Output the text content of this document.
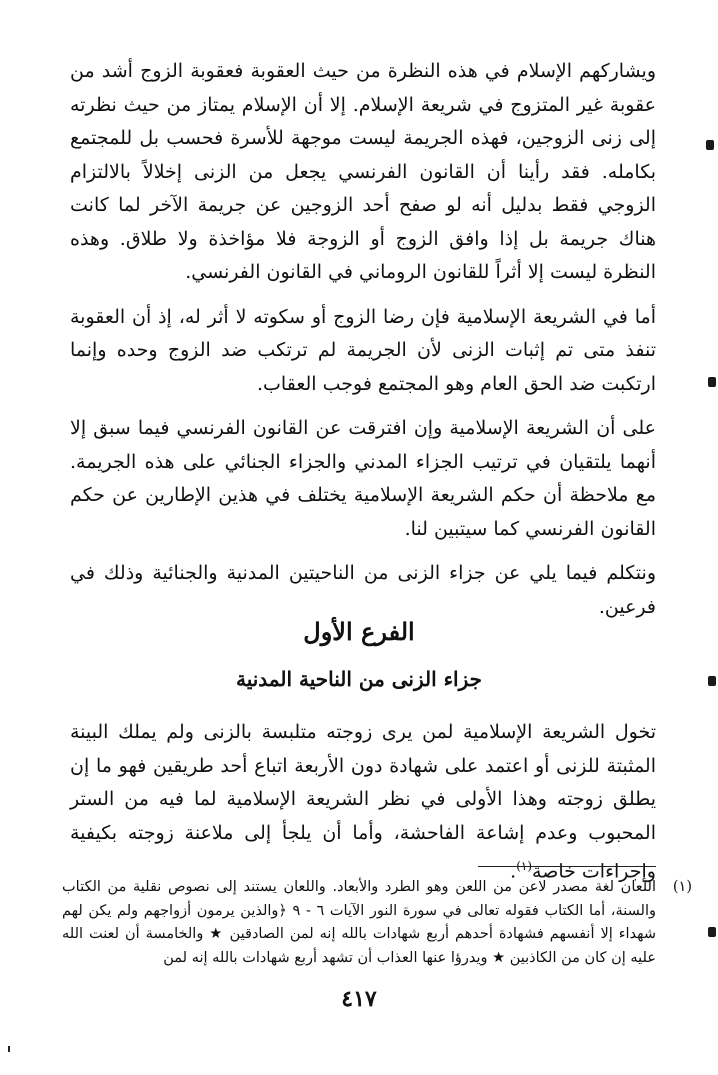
ويشاركهم الإسلام في هذه النظرة من حيث العقوبة فعقوبة الزوج أشد من عقوبة غير المتزوج في شريعة الإسلام. إلا أن الإسلام يمتاز من حيث نظرته إلى زنى الزوجين، فهذه الجريمة ليست موجهة للأسرة فحسب بل للمجتمع بكامله. فقد رأينا أن القانون الفرنسي يجعل من الزنى إخلالاً بالالتزام الزوجي فقط بدليل أنه لو صفح أحد الزوجين عن جريمة الآخر لما كانت هناك جريمة بل إذا وافق الزوج أو الزوجة فلا مؤاخذة ولا طلاق. وهذه النظرة ليست إلا أثراً للقانون الروماني في القانون الفرنسي.

أما في الشريعة الإسلامية فإن رضا الزوج أو سكوته لا أثر له، إذ أن العقوبة تنفذ متى تم إثبات الزنى لأن الجريمة لم ترتكب ضد الزوج وحده وإنما ارتكبت ضد الحق العام وهو المجتمع فوجب العقاب.

على أن الشريعة الإسلامية وإن افترقت عن القانون الفرنسي فيما سبق إلا أنهما يلتقيان في ترتيب الجزاء المدني والجزاء الجنائي على هذه الجريمة. مع ملاحظة أن حكم الشريعة الإسلامية يختلف في هذين الإطارين عن حكم القانون الفرنسي كما سيتبين لنا.

ونتكلم فيما يلي عن جزاء الزنى من الناحيتين المدنية والجنائية وذلك في فرعين.

الفرع الأول
جزاء الزنى من الناحية المدنية

تخول الشريعة الإسلامية لمن يرى زوجته متلبسة بالزنى ولم يملك البينة المثبتة للزنى أو اعتمد على شهادة دون الأربعة اتباع أحد طريقين فهو ما إن يطلق زوجته وهذا الأولى في نظر الشريعة الإسلامية لما فيه من الستر المحبوب وعدم إشاعة الفاحشة، وأما أن يلجأ إلى ملاعنة زوجته بكيفية وإجراءات خاصة$^{(١)}$.

(١)
اللعان لغة مصدر لاعن من اللعن وهو الطرد والأبعاد. واللعان يستند إلى نصوص نقلية من الكتاب والسنة، أما الكتاب فقوله تعالى في سورة النور الآيات ٦ - ٩ ﴿والذين يرمون أزواجهم ولم يكن لهم شهداء إلا أنفسهم فشهادة أحدهم أربع شهادات بالله إنه لمن الصادقين ★ والخامسة أن لعنت الله عليه إن كان من الكاذبين ★ ويدرؤا عنها العذاب أن تشهد أربع شهادات بالله إنه لمن
٤١٧
